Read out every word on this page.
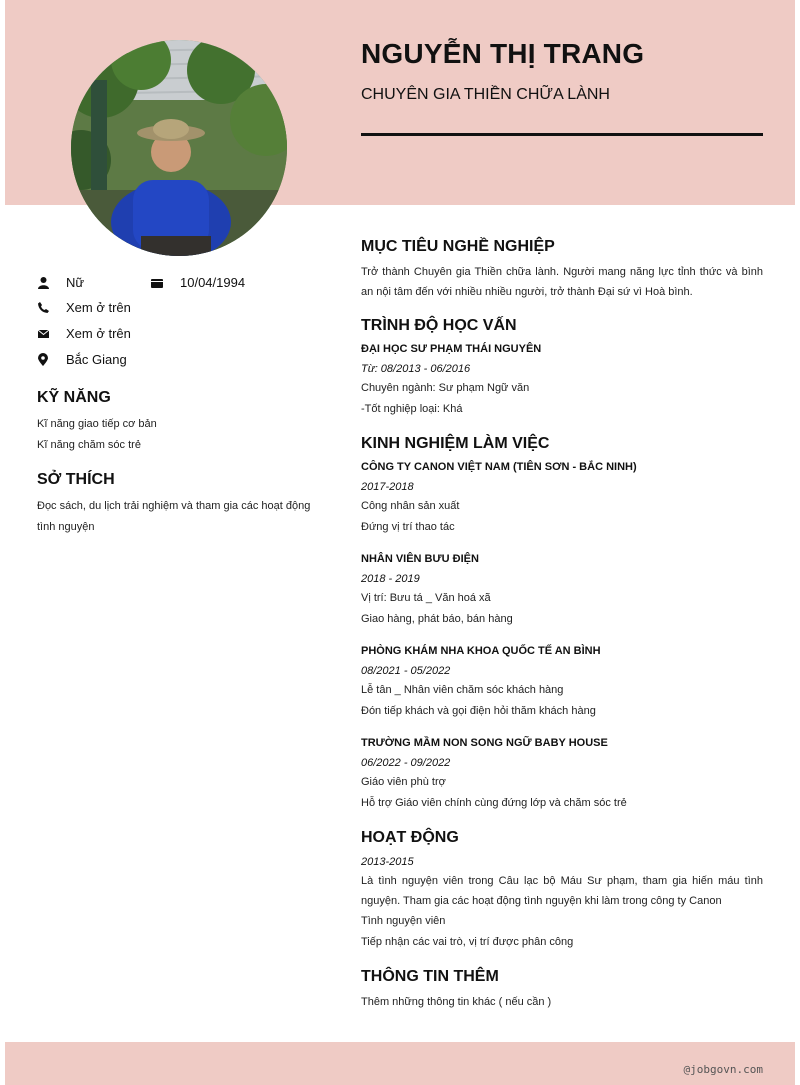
NGUYỄN THỊ TRANG
CHUYÊN GIA THIỀN CHỮA LÀNH
Nữ	10/04/1994
Xem ở trên
Xem ở trên
Bắc Giang
KỸ NĂNG
Kĩ năng giao tiếp cơ bản
Kĩ năng chăm sóc trẻ
SỞ THÍCH
Đọc sách, du lịch trải nghiệm và tham gia các hoạt động tình nguyện
MỤC TIÊU NGHỀ NGHIỆP

Trở thành Chuyên gia Thiền chữa lành. Người mang năng lực tỉnh thức và bình an nội tâm đến với nhiều nhiều người, trở thành Đại sứ vì Hoà bình.

TRÌNH ĐỘ HỌC VẤN

ĐẠI HỌC SƯ PHẠM THÁI NGUYÊN

Từ: 08/2013 - 06/2016

Chuyên ngành: Sư phạm Ngữ văn

-Tốt nghiệp loại: Khá

KINH NGHIỆM LÀM VIỆC

CÔNG TY CANON VIỆT NAM (TIÊN SƠN - BẮC NINH)

2017-2018

Công nhân sản xuất

Đứng vị trí thao tác

NHÂN VIÊN BƯU ĐIỆN

2018 - 2019

Vị trí: Bưu tá _ Văn hoá xã

Giao hàng, phát báo, bán hàng

PHÒNG KHÁM NHA KHOA QUỐC TẾ AN BÌNH

08/2021 - 05/2022

Lễ tân _ Nhân viên chăm sóc khách hàng

Đón tiếp khách và gọi điện hỏi thăm khách hàng

TRƯỜNG MẦM NON SONG NGỮ BABY HOUSE

06/2022 - 09/2022

Giáo viên phù trợ

Hỗ trợ Giáo viên chính cùng đứng lớp và chăm sóc trẻ

HOẠT ĐỘNG

2013-2015

Là tình nguyện viên trong Câu lạc bộ Máu Sư phạm, tham gia hiến máu tình nguyện. Tham gia các hoạt động tình nguyện khi làm trong công ty Canon

Tình nguyện viên

Tiếp nhận các vai trò, vị trí được phân công

THÔNG TIN THÊM

Thêm những thông tin khác ( nếu cần )

@jobgovn.com
